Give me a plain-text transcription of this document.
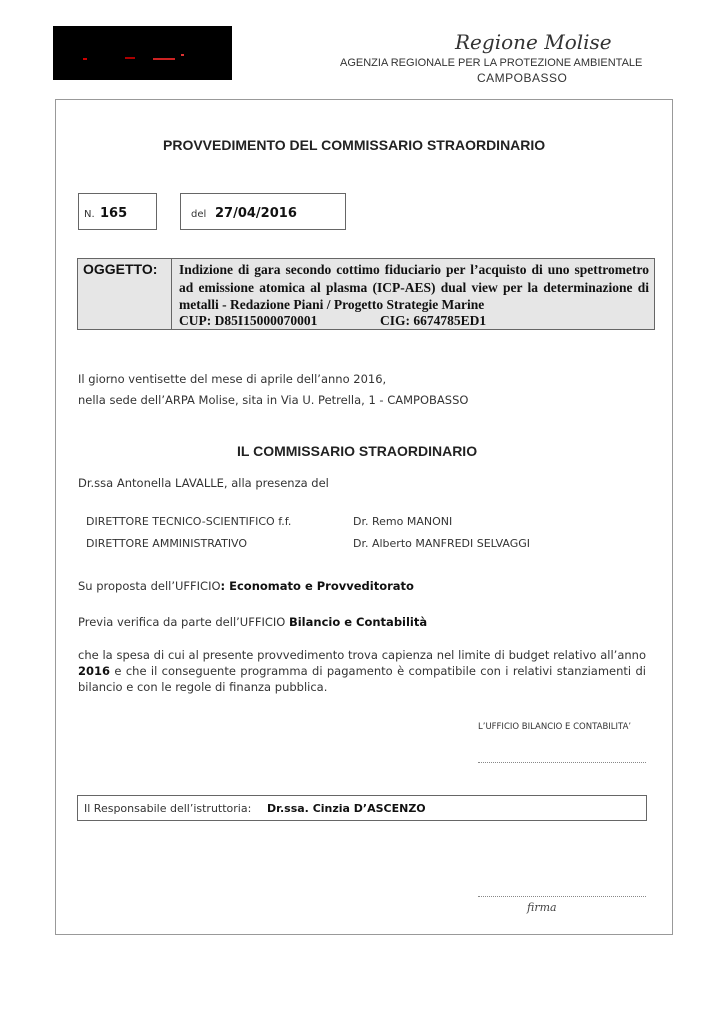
Regione Molise
AGENZIA REGIONALE PER LA PROTEZIONE AMBIENTALE
CAMPOBASSO
PROVVEDIMENTO DEL COMMISSARIO STRAORDINARIO
N. 165	del 27/04/2016
OGGETTO: Indizione di gara secondo cottimo fiduciario per l’acquisto di uno spettrometro ad emissione atomica al plasma (ICP-AES) dual view per la determinazione di metalli - Redazione Piani / Progetto Strategie Marine
CUP: D85I15000070001	CIG: 6674785ED1
Il giorno ventisette del mese di aprile dell’anno 2016,
nella sede dell’ARPA Molise, sita in Via U. Petrella, 1 - CAMPOBASSO
IL COMMISSARIO STRAORDINARIO
Dr.ssa Antonella LAVALLE, alla presenza del
DIRETTORE TECNICO-SCIENTIFICO f.f.	Dr. Remo MANONI
DIRETTORE AMMINISTRATIVO	Dr. Alberto MANFREDI SELVAGGI
Su proposta dell’UFFICIO: Economato e Provveditorato
Previa verifica da parte dell’UFFICIO Bilancio e Contabilità
che la spesa di cui al presente provvedimento trova capienza nel limite di budget relativo all’anno 2016 e che il conseguente programma di pagamento è compatibile con i relativi stanziamenti di bilancio e con le regole di finanza pubblica.
L’UFFICIO BILANCIO E CONTABILITA’
Il Responsabile dell’istruttoria: Dr.ssa. Cinzia D’ASCENZO
firma
